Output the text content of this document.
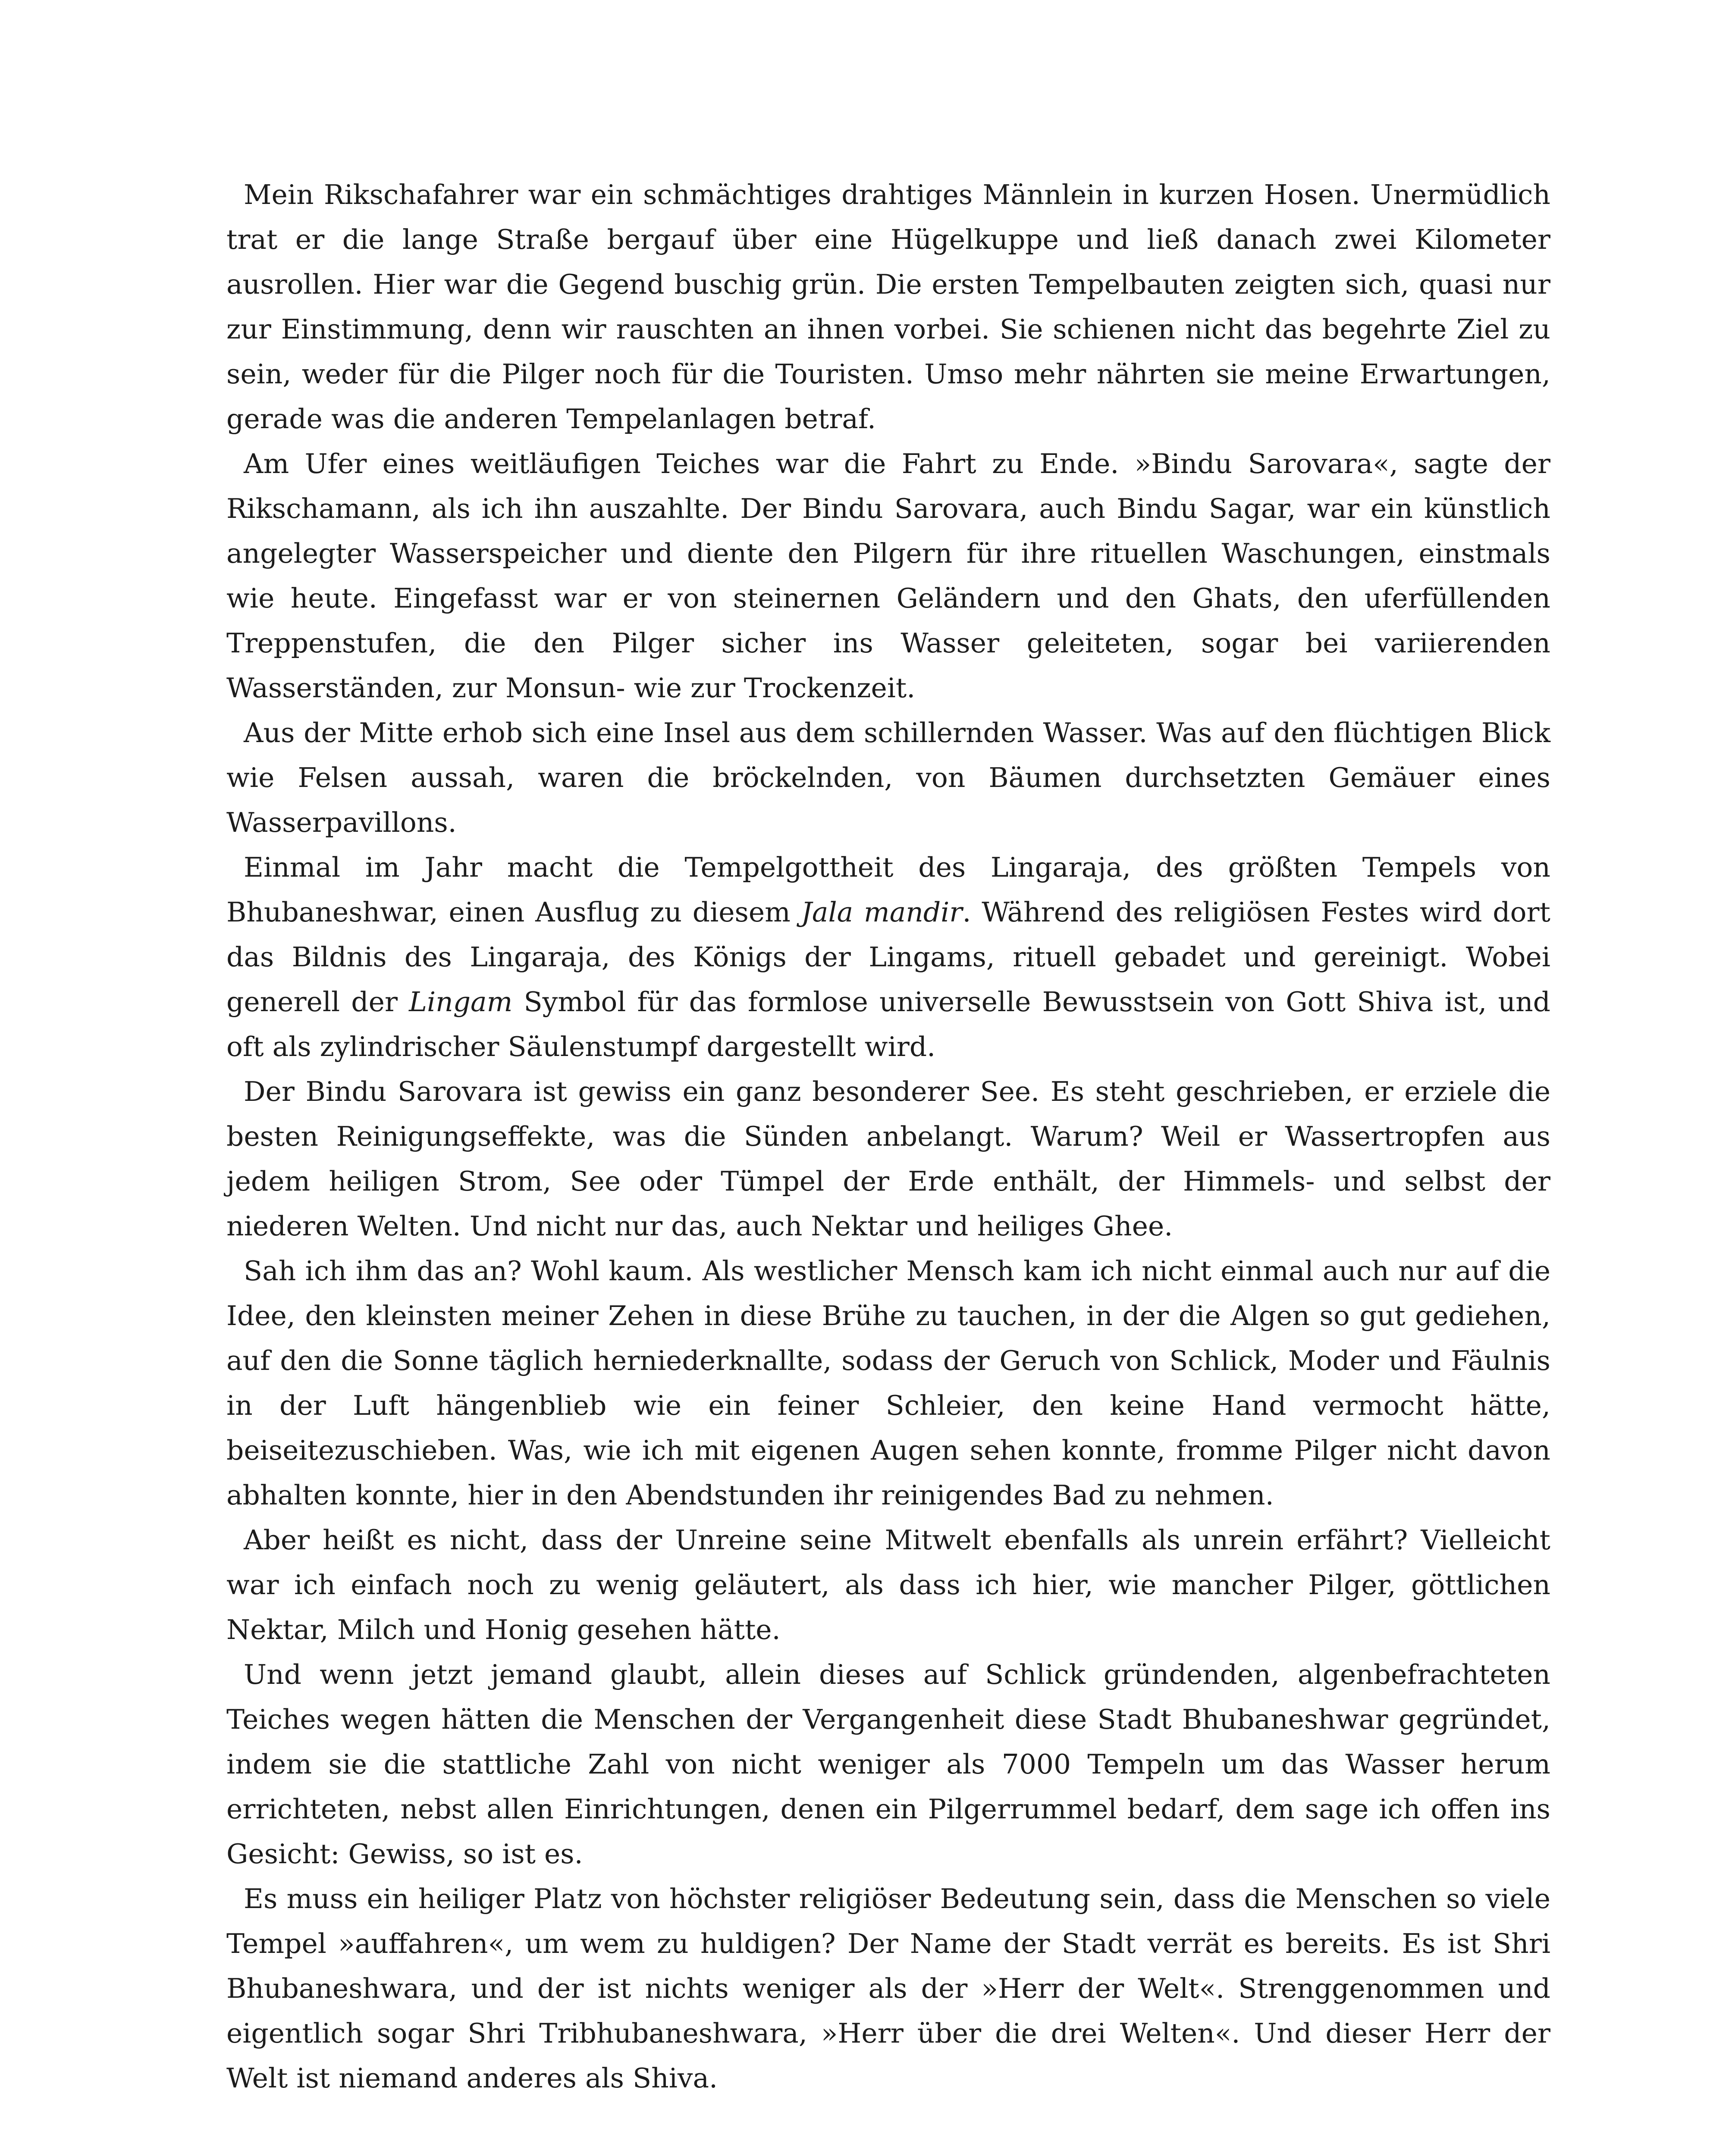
Mein Rikschafahrer war ein schmächtiges drahtiges Männlein in kurzen Hosen. Unermüdlich trat er die lange Straße bergauf über eine Hügelkuppe und ließ danach zwei Kilometer ausrollen. Hier war die Gegend buschig grün. Die ersten Tempelbauten zeigten sich, quasi nur zur Einstimmung, denn wir rauschten an ihnen vorbei. Sie schienen nicht das begehrte Ziel zu sein, weder für die Pilger noch für die Touristen. Umso mehr nährten sie meine Erwartungen, gerade was die anderen Tempelanlagen betraf.

Am Ufer eines weitläufigen Teiches war die Fahrt zu Ende. »Bindu Sarovara«, sagte der Rikschamann, als ich ihn auszahlte. Der Bindu Sarovara, auch Bindu Sagar, war ein künstlich angelegter Wasserspeicher und diente den Pilgern für ihre rituellen Waschungen, einstmals wie heute. Eingefasst war er von steinernen Geländern und den Ghats, den uferfüllenden Treppenstufen, die den Pilger sicher ins Wasser geleiteten, sogar bei variierenden Wasserständen, zur Monsun- wie zur Trockenzeit.

Aus der Mitte erhob sich eine Insel aus dem schillernden Wasser. Was auf den flüchtigen Blick wie Felsen aussah, waren die bröckelnden, von Bäumen durchsetzten Gemäuer eines Wasserpavillons.

Einmal im Jahr macht die Tempelgottheit des Lingaraja, des größten Tempels von Bhubaneshwar, einen Ausflug zu diesem Jala mandir. Während des religiösen Festes wird dort das Bildnis des Lingaraja, des Königs der Lingams, rituell gebadet und gereinigt. Wobei generell der Lingam Symbol für das formlose universelle Bewusstsein von Gott Shiva ist, und oft als zylindrischer Säulenstumpf dargestellt wird.

Der Bindu Sarovara ist gewiss ein ganz besonderer See. Es steht geschrieben, er erziele die besten Reinigungseffekte, was die Sünden anbelangt. Warum? Weil er Wassertropfen aus jedem heiligen Strom, See oder Tümpel der Erde enthält, der Himmels- und selbst der niederen Welten. Und nicht nur das, auch Nektar und heiliges Ghee.

Sah ich ihm das an? Wohl kaum. Als westlicher Mensch kam ich nicht einmal auch nur auf die Idee, den kleinsten meiner Zehen in diese Brühe zu tauchen, in der die Algen so gut gediehen, auf den die Sonne täglich herniederknallte, sodass der Geruch von Schlick, Moder und Fäulnis in der Luft hängenblieb wie ein feiner Schleier, den keine Hand vermocht hätte, beiseitezuschieben. Was, wie ich mit eigenen Augen sehen konnte, fromme Pilger nicht davon abhalten konnte, hier in den Abendstunden ihr reinigendes Bad zu nehmen.

Aber heißt es nicht, dass der Unreine seine Mitwelt ebenfalls als unrein erfährt? Vielleicht war ich einfach noch zu wenig geläutert, als dass ich hier, wie mancher Pilger, göttlichen Nektar, Milch und Honig gesehen hätte.

Und wenn jetzt jemand glaubt, allein dieses auf Schlick gründenden, algenbefrachteten Teiches wegen hätten die Menschen der Vergangenheit diese Stadt Bhubaneshwar gegründet, indem sie die stattliche Zahl von nicht weniger als 7000 Tempeln um das Wasser herum errichteten, nebst allen Einrichtungen, denen ein Pilgerrummel bedarf, dem sage ich offen ins Gesicht: Gewiss, so ist es.

Es muss ein heiliger Platz von höchster religiöser Bedeutung sein, dass die Menschen so viele Tempel »auffahren«, um wem zu huldigen? Der Name der Stadt verrät es bereits. Es ist Shri Bhubaneshwara, und der ist nichts weniger als der »Herr der Welt«. Strenggenommen und eigentlich sogar Shri Tribhubaneshwara, »Herr über die drei Welten«. Und dieser Herr der Welt ist niemand anderes als Shiva.
